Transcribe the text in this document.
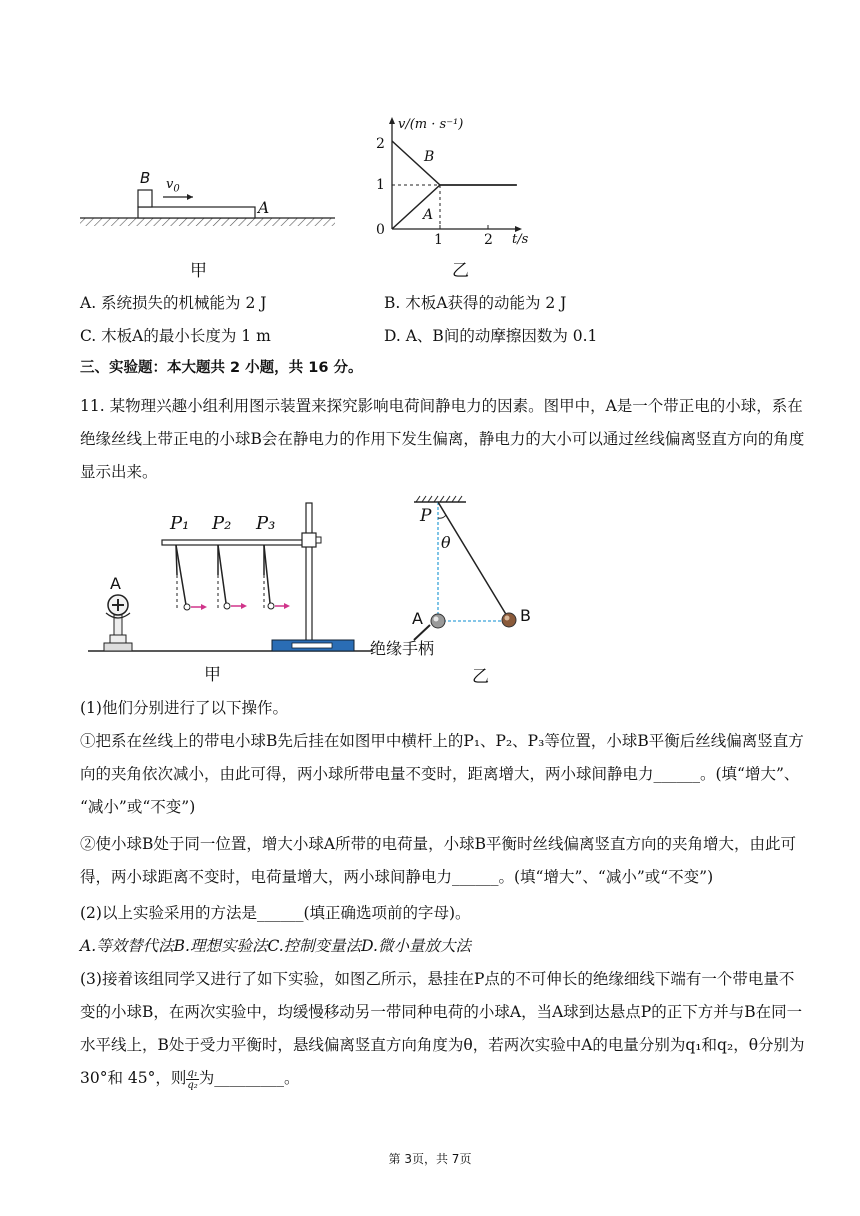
B $v_0$
A
甲
v/(m · s⁻¹)
t/s
2
1
0
1	2
B
A
乙
A. 系统损失的机械能为 2 J	B. 木板A获得的动能为 2 J
C. 木板A的最小长度为 1 m	D. A、B间的动摩擦因数为 0.1
三、实验题：本大题共 2 小题，共 16 分。
11. 某物理兴趣小组利用图示装置来探究影响电荷间静电力的因素。图甲中，A是一个带正电的小球，系在
绝缘丝线上带正电的小球B会在静电力的作用下发生偏离，静电力的大小可以通过丝线偏离竖直方向的角度
显示出来。
P₁ P₂ P₃
A
甲
P
θ
A	B
绝缘手柄
乙
(1)他们分别进行了以下操作。
①把系在丝线上的带电小球B先后挂在如图甲中横杆上的P₁、P₂、P₃等位置，小球B平衡后丝线偏离竖直方
向的夹角依次减小，由此可得，两小球所带电量不变时，距离增大，两小球间静电力______。(填“增大”、
“减小”或“不变”)
②使小球B处于同一位置，增大小球A所带的电荷量，小球B平衡时丝线偏离竖直方向的夹角增大，由此可
得，两小球距离不变时，电荷量增大，两小球间静电力______。(填“增大”、“减小”或“不变”)
(2)以上实验采用的方法是______(填正确选项前的字母)。
A.等效替代法B.理想实验法C.控制变量法D.微小量放大法
(3)接着该组同学又进行了如下实验，如图乙所示，悬挂在P点的不可伸长的绝缘细线下端有一个带电量不
变的小球B，在两次实验中，均缓慢移动另一带同种电荷的小球A，当A球到达悬点P的正下方并与B在同一
水平线上，B处于受力平衡时，悬线偏离竖直方向角度为θ，若两次实验中A的电量分别为q₁和q₂，θ分别为
30°和 45°，则 $\frac{\text{q₁}}{\text{q₂}}$ 为_________。
第 3页，共 7页
